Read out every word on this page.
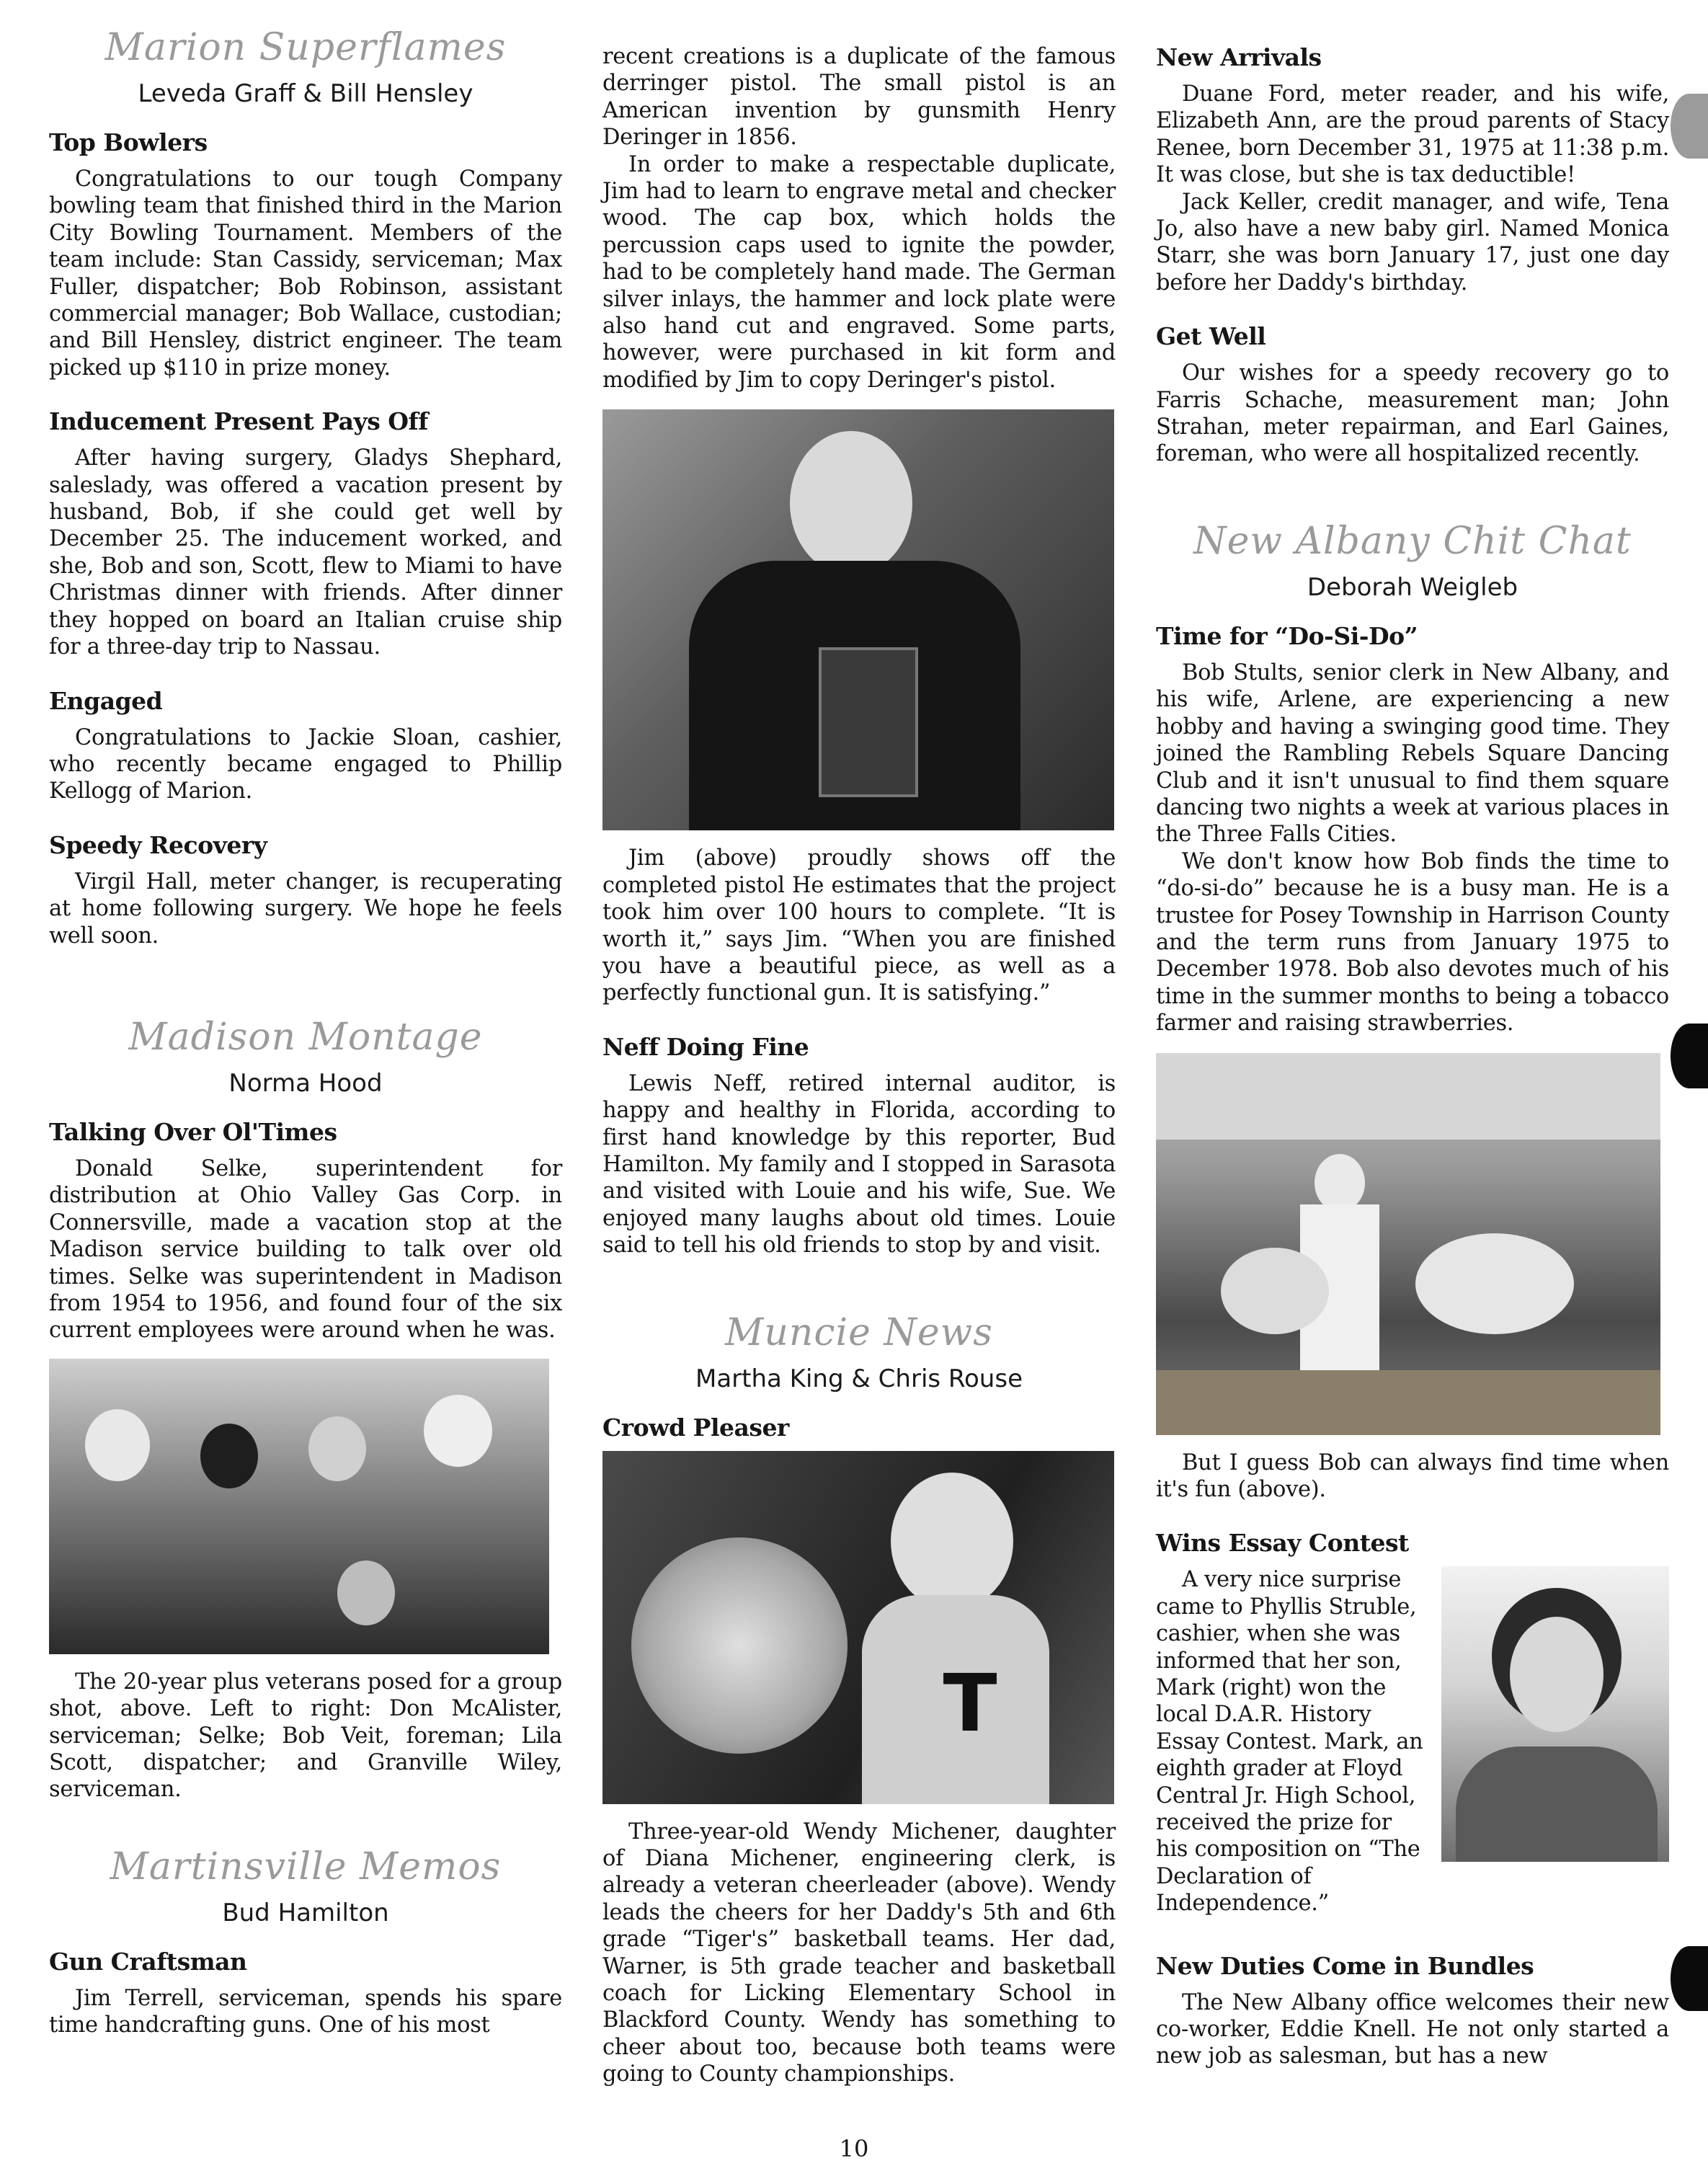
Marion Superflames
Leveda Graff & Bill Hensley
Top Bowlers

Congratulations to our tough Company bowling team that finished third in the Marion City Bowling Tournament. Members of the team include: Stan Cassidy, serviceman; Max Fuller, dispatcher; Bob Robinson, assistant commercial manager; Bob Wallace, custodian; and Bill Hensley, district engineer. The team picked up $110 in prize money.

Inducement Present Pays Off

After having surgery, Gladys Shephard, saleslady, was offered a vacation present by husband, Bob, if she could get well by December 25. The inducement worked, and she, Bob and son, Scott, flew to Miami to have Christmas dinner with friends. After dinner they hopped on board an Italian cruise ship for a three-day trip to Nassau.

Engaged

Congratulations to Jackie Sloan, cashier, who recently became engaged to Phillip Kellogg of Marion.

Speedy Recovery

Virgil Hall, meter changer, is recuperating at home following surgery. We hope he feels well soon.

Madison Montage
Norma Hood
Talking Over Ol'Times

Donald Selke, superintendent for distribution at Ohio Valley Gas Corp. in Connersville, made a vacation stop at the Madison service building to talk over old times. Selke was superintendent in Madison from 1954 to 1956, and found four of the six current employees were around when he was.

The 20-year plus veterans posed for a group shot, above. Left to right: Don McAlister, serviceman; Selke; Bob Veit, foreman; Lila Scott, dispatcher; and Granville Wiley, serviceman.

Martinsville Memos
Bud Hamilton
Gun Craftsman

Jim Terrell, serviceman, spends his spare time handcrafting guns. One of his most

recent creations is a duplicate of the famous derringer pistol. The small pistol is an American invention by gunsmith Henry Deringer in 1856.

In order to make a respectable duplicate, Jim had to learn to engrave metal and checker wood. The cap box, which holds the percussion caps used to ignite the powder, had to be completely hand made. The German silver inlays, the hammer and lock plate were also hand cut and engraved. Some parts, however, were purchased in kit form and modified by Jim to copy Deringer's pistol.

Jim (above) proudly shows off the completed pistol He estimates that the project took him over 100 hours to complete. “It is worth it,” says Jim. “When you are finished you have a beautiful piece, as well as a perfectly functional gun. It is satisfying.”

Neff Doing Fine

Lewis Neff, retired internal auditor, is happy and healthy in Florida, according to first hand knowledge by this reporter, Bud Hamilton. My family and I stopped in Sarasota and visited with Louie and his wife, Sue. We enjoyed many laughs about old times. Louie said to tell his old friends to stop by and visit.

Muncie News
Martha King & Chris Rouse
Crowd Pleaser
T

Three-year-old Wendy Michener, daughter of Diana Michener, engineering clerk, is already a veteran cheerleader (above). Wendy leads the cheers for her Daddy's 5th and 6th grade “Tiger's” basketball teams. Her dad, Warner, is 5th grade teacher and basketball coach for Licking Elementary School in Blackford County. Wendy has something to cheer about too, because both teams were going to County championships.

New Arrivals

Duane Ford, meter reader, and his wife, Elizabeth Ann, are the proud parents of Stacy Renee, born December 31, 1975 at 11:38 p.m. It was close, but she is tax deductible!

Jack Keller, credit manager, and wife, Tena Jo, also have a new baby girl. Named Monica Starr, she was born January 17, just one day before her Daddy's birthday.

Get Well

Our wishes for a speedy recovery go to Farris Schache, measurement man; John Strahan, meter repairman, and Earl Gaines, foreman, who were all hospitalized recently.

New Albany Chit Chat
Deborah Weigleb
Time for “Do-Si-Do”

Bob Stults, senior clerk in New Albany, and his wife, Arlene, are experiencing a new hobby and having a swinging good time. They joined the Rambling Rebels Square Dancing Club and it isn't unusual to find them square dancing two nights a week at various places in the Three Falls Cities.

We don't know how Bob finds the time to “do-si-do” because he is a busy man. He is a trustee for Posey Township in Harrison County and the term runs from January 1975 to December 1978. Bob also devotes much of his time in the summer months to being a tobacco farmer and raising strawberries.

But I guess Bob can always find time when it's fun (above).

Wins Essay Contest

A very nice surprise came to Phyllis Struble, cashier, when she was informed that her son, Mark (right) won the local D.A.R. History Essay Contest. Mark, an eighth grader at Floyd Central Jr. High School, received the prize for his composition on “The Declaration of Independence.”

New Duties Come in Bundles

The New Albany office welcomes their new co-worker, Eddie Knell. He not only started a new job as salesman, but has a new

10
